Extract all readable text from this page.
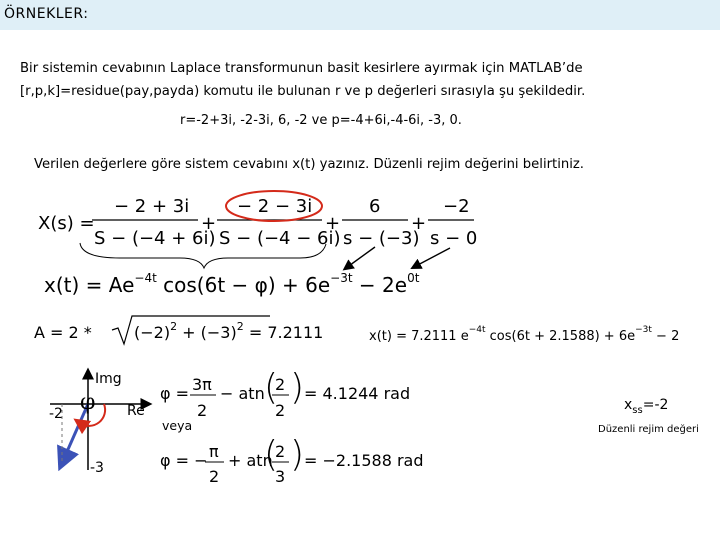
ÖRNEKLER:
Bir sistemin cevabının Laplace transformunun basit kesirlere ayırmak için MATLAB’de
[r,p,k]=residue(pay,payda) komutu ile bulunan r ve p değerleri sırasıyla şu şekildedir.
r=-2+3i, -2-3i, 6, -2 ve p=-4+6i,-4-6i, -3, 0.
Verilen değerlere göre sistem cevabını x(t) yazınız. Düzenli rejim değerini belirtiniz.
X(s) =
− 2 + 3i
S − (−4 + 6i)
+
− 2 − 3i
S − (−4 − 6i)
+
6
s − (−3)
+
−2
s − 0
$x(t) = Ae^{-4t}$ $\cos(6t - \varphi) + 6e^{-3t} - 2e^{0t}$
A = 2 *	$(-2)^2 + (-3)^2 = 7.2111$	x(t) = 7.2111 $e^{-4t}$ $\cos(6t + 2.1588) + 6e^{-3t} - 2$
φ
Img
Re
-2
-3
φ = 3π
2
− atn (
2
2
) = 4.1244 rad
φ = − π
2
+ atn
(
2
3
) = −2.1588 rad
veya
$x_{ss}=-2$
Düzenli rejim değeri
